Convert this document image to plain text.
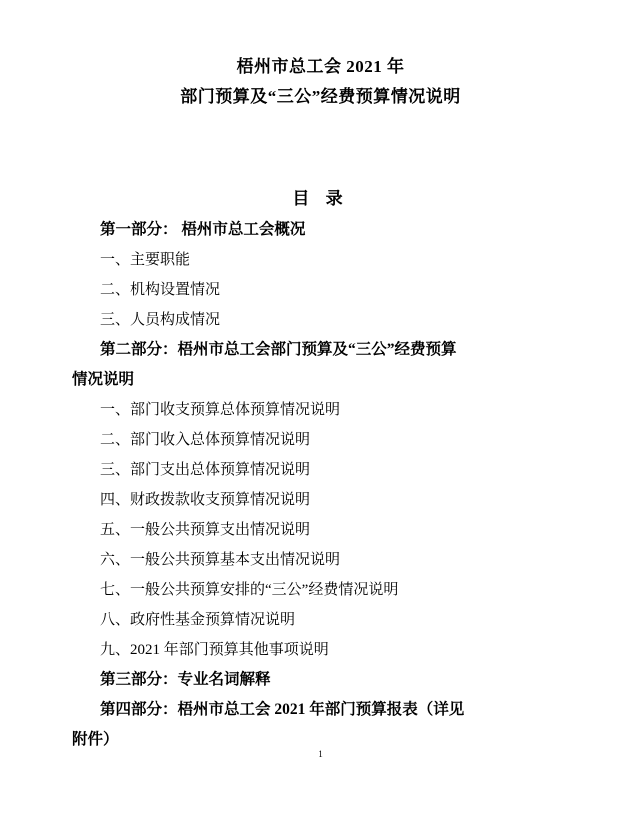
梧州市总工会 2021 年
部门预算及“三公”经费预算情况说明
目 录
第一部分： 梧州市总工会概况
一、主要职能
二、机构设置情况
三、人员构成情况
第二部分：梧州市总工会部门预算及“三公”经费预算
情况说明
一、部门收支预算总体预算情况说明
二、部门收入总体预算情况说明
三、部门支出总体预算情况说明
四、财政拨款收支预算情况说明
五、一般公共预算支出情况说明
六、一般公共预算基本支出情况说明
七、一般公共预算安排的“三公”经费情况说明
八、政府性基金预算情况说明
九、2021 年部门预算其他事项说明
第三部分：专业名词解释
第四部分：梧州市总工会 2021 年部门预算报表（详见
附件）
1
